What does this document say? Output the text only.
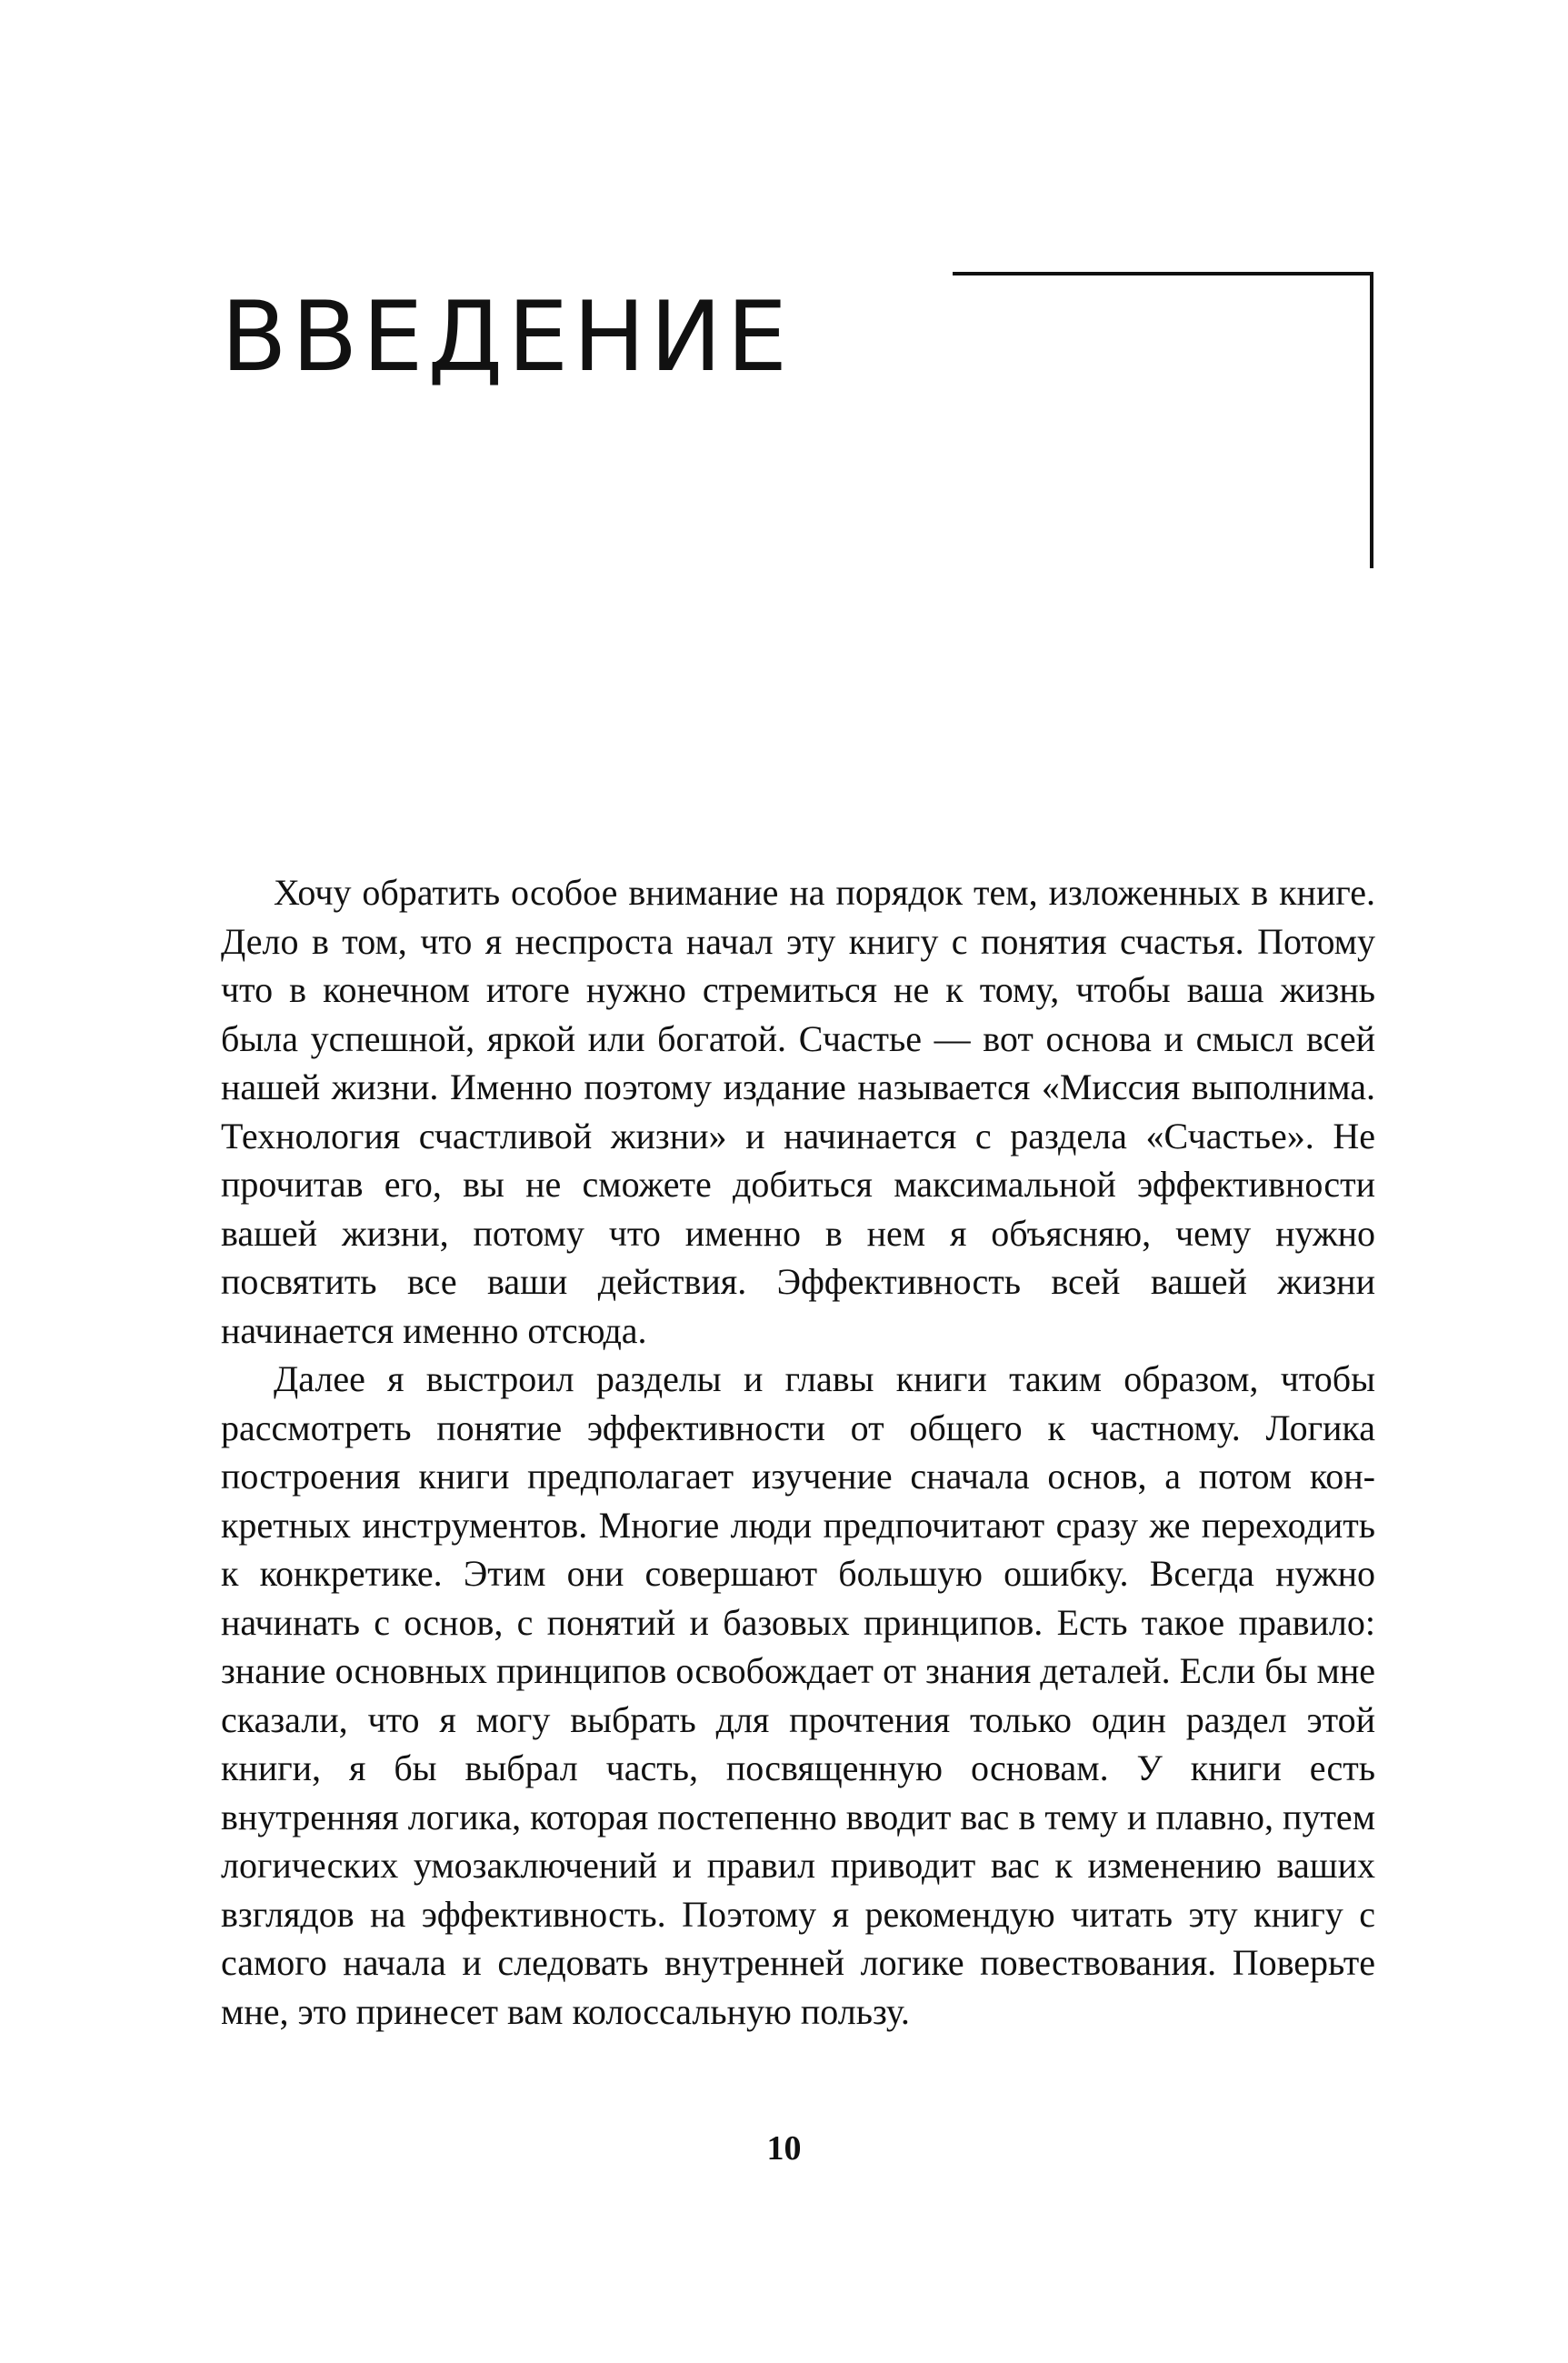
ВВЕДЕНИЕ

Хочу обратить особое внимание на порядок тем, изложенных в книге. Дело в том, что я неспроста начал эту книгу с понятия счастья. Потому что в конечном итоге нужно стремиться не к тому, чтобы ваша жизнь была успешной, яркой или богатой. Счастье — вот основа и смысл всей нашей жизни. Именно поэтому издание называется «Миссия выполнима. Технология счастливой жизни» и начинается с раздела «Счастье». Не прочитав его, вы не сможете добиться максимальной эффективности вашей жизни, потому что именно в нем я объясняю, чему нужно посвятить все ваши действия. Эффективность всей вашей жизни начинается именно отсюда.

Далее я выстроил разделы и главы книги таким образом, чтобы рассмотреть понятие эффективности от общего к частному. Логика построения книги предполагает изучение сначала основ, а потом конкретных инструментов. Многие люди предпочитают сразу же переходить к конкретике. Этим они совершают большую ошибку. Всегда нужно начинать с основ, с понятий и базовых принципов. Есть такое правило: знание основных принципов освобождает от знания деталей. Если бы мне сказали, что я могу выбрать для прочтения только один раздел этой книги, я бы выбрал часть, посвященную основам. У книги есть внутренняя логика, которая постепенно вводит вас в тему и плавно, путем логических умозаключений и правил приводит вас к изменению ваших взглядов на эффективность. Поэтому я рекомендую читать эту книгу с самого начала и следовать внутренней логике повествования. Поверьте мне, это принесет вам колоссальную пользу.

10
